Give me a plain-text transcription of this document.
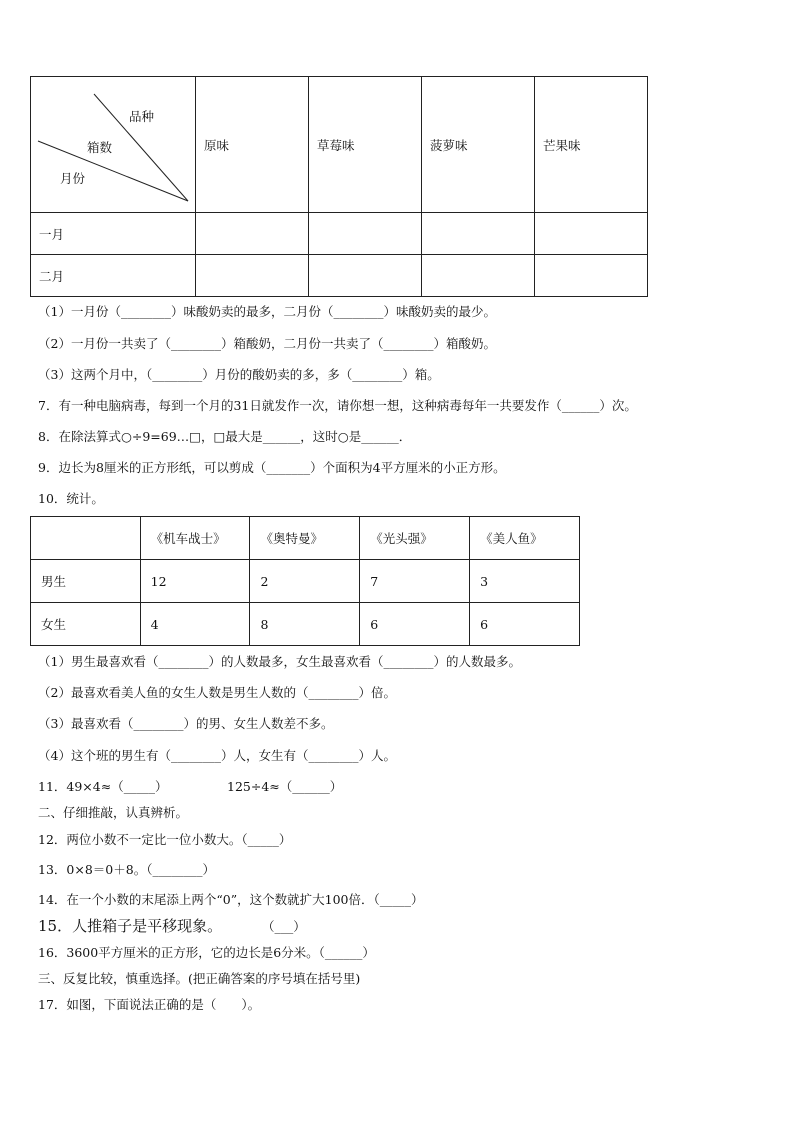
品种
箱数
月份	原味	草莓味	菠萝味	芒果味
一月				
二月				
（1）一月份（________）味酸奶卖的最多，二月份（________）味酸奶卖的最少。
（2）一月份一共卖了（________）箱酸奶，二月份一共卖了（________）箱酸奶。
（3）这两个月中，（________）月份的酸奶卖的多，多（________）箱。
7．有一种电脑病毒，每到一个月的31日就发作一次，请你想一想，这种病毒每年一共要发作（______）次。
8．在除法算式○÷9=69…□，□最大是______，这时○是______．
9．边长为8厘米的正方形纸，可以剪成（_______）个面积为4平方厘米的小正方形。
10．统计。
	《机车战士》	《奥特曼》	《光头强》	《美人鱼》
男生	12	2	7	3
女生	4	8	6	6
（1）男生最喜欢看（________）的人数最多，女生最喜欢看（________）的人数最多。
（2）最喜欢看美人鱼的女生人数是男生人数的（________）倍。
（3）最喜欢看（________）的男、女生人数差不多。
（4）这个班的男生有（________）人，女生有（________）人。
11．49×4≈（_____）	125÷4≈（______）
二、仔细推敲，认真辨析。
12．两位小数不一定比一位小数大。（_____）
13．0×8＝0＋8。（________）
14．在一个小数的末尾添上两个“0”，这个数就扩大100倍．（_____）
15．人推箱子是平移现象。	（___）
16．3600平方厘米的正方形，它的边长是6分米。（______）
三、反复比较，慎重选择。(把正确答案的序号填在括号里)
17．如图，下面说法正确的是（　　）。
